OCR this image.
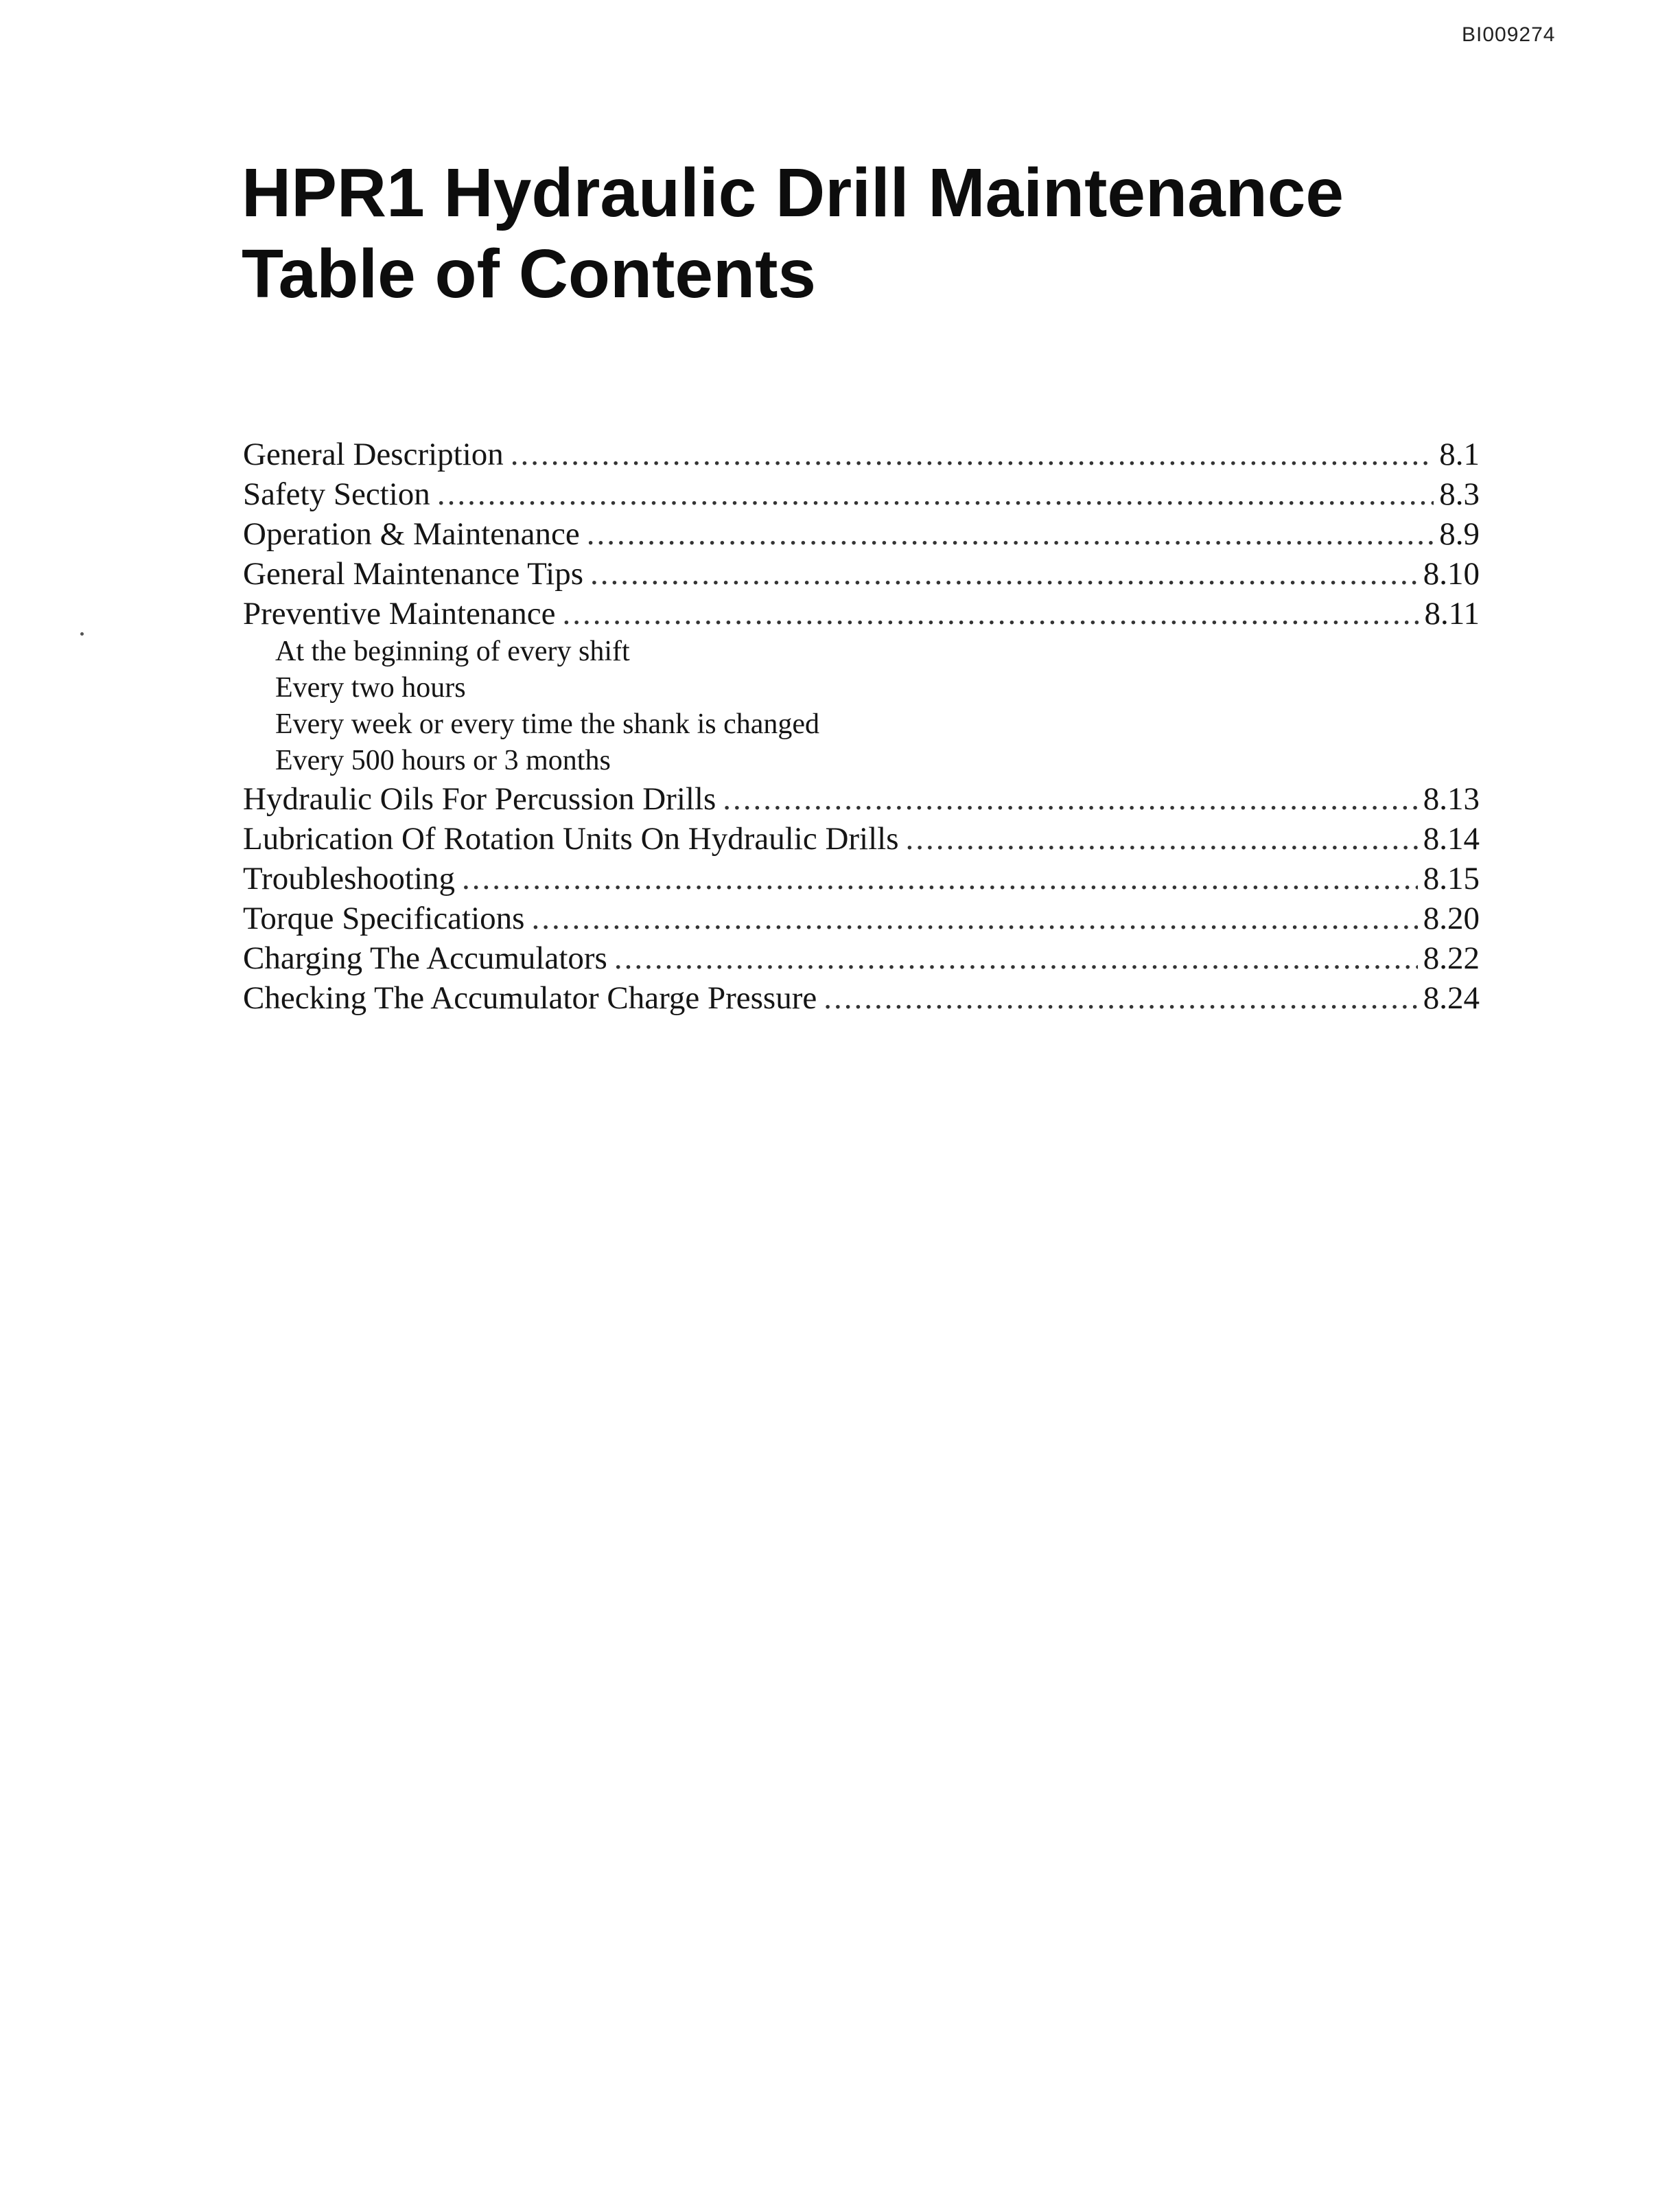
BI009274
HPR1 Hydraulic Drill Maintenance
Table of Contents
General Description .....	8.1
Safety Section .....	8.3
Operation & Maintenance .....	8.9
General Maintenance Tips .....	8.10
Preventive Maintenance .....	8.11
At the beginning of every shift
Every two hours
Every week or every time the shank is changed
Every 500 hours or 3 months
Hydraulic Oils For Percussion Drills .....	8.13
Lubrication Of Rotation Units On Hydraulic Drills .....	8.14
Troubleshooting .....	8.15
Torque Specifications .....	8.20
Charging The Accumulators .....	8.22
Checking The Accumulator Charge Pressure .....	8.24
